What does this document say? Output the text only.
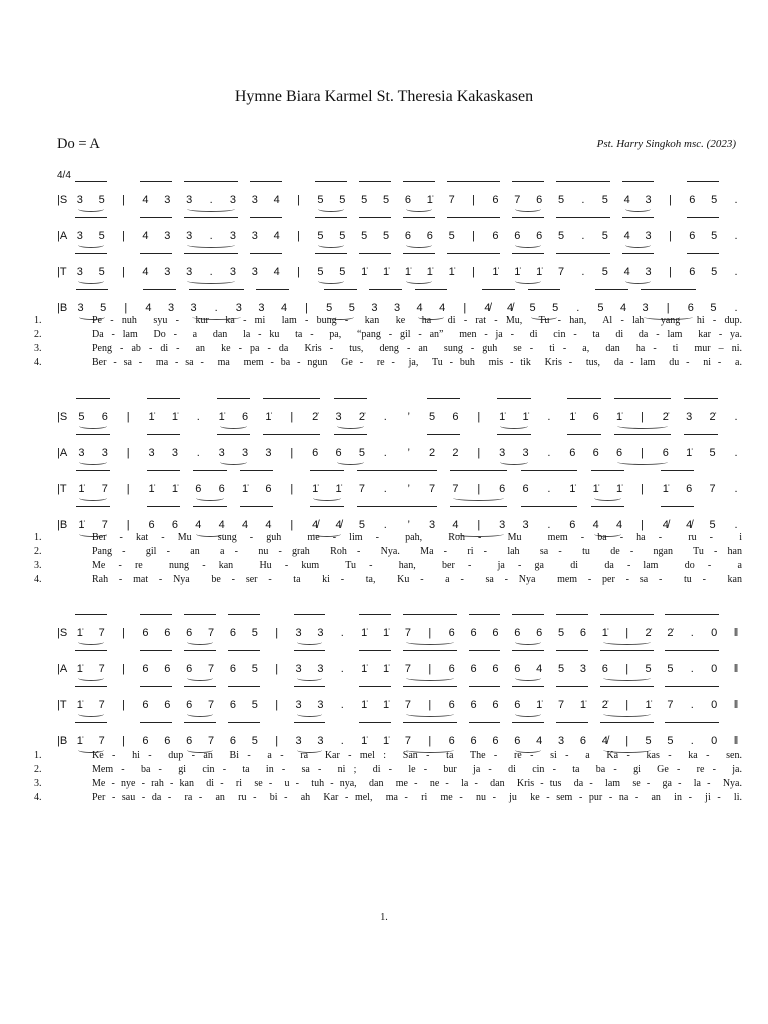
Hymne Biara Karmel St. Theresia Kakaskasen
Do = A	Pst. Harry Singkoh msc. (2023)
4/4
|S 3 5	|	4 3 3	.	3 3 4	|	5 5 5 5 6 1̇ 7	|	6 7 6 5	.	5 4 3	|	6 5	.
|A 3 5	|	4 3 3	.	3 3 4	|	5 5 5 5 6 6 5	|	6 6 6 5	.	5 4 3	|	6 5	.
|T 3 5	|	4 3 3	.	3 3 4	|	5 5 1̇ 1̇ 1̇ 1̇ 1̇	|	1̇ 1̇ 1̇ 7	.	5 4 3	|	6 5	.
|B 3 5	|	4 3 3	.	3 3 4	|	5 5 3 3 4 4	|	4̸ 4̸ 5 5	.	5 4 3	|	6 5	.
1.	Pe - nuh  syu -  kur  ka - mi  lam - bung -  kan  ke  ha  di - rat - Mu,  Tu - han,  Al - lah  yang  hi - dup.
2.	Da - lam  Do -  a  dan  la - ku  ta -  pa,  “pang - gil - an”  men - ja -  di  cin -  ta  di  da - lam  kar - ya.
3.	Peng - ab - di -  an  ke - pa - da  Kris -  tus,  deng - an  sung - guh  se -  ti -  a,  dan  ha -  ti  mur – ni.
4.	Ber - sa -  ma - sa -  ma  mem - ba - ngun  Ge -  re -  ja,  Tu - buh  mis - tik  Kris -  tus,  da - lam  du -  ni -  a.
|S	5 6	|	1̇ 1̇	.	1̇ 6 1̇	|	2̇ 3 2̇	.	’	5 6	|	1̇ 1̇	.	1̇ 6 1̇	|	2̇ 3 2̇	.
|A	3 3	|	3 3	.	3 3 3	|	6 6 5	.	’	2 2	|	3 3	.	6 6 6	|	6 1̇ 5	.
|T	1̇ 7	|	1̇ 1̇ 6 6 1̇ 6	|	1̇ 1̇ 7	.	’	7 7	|	6 6	.	1̇ 1̇ 1̇	|	1̇ 6 7	.
|B	1̇ 7	|	6 6 4 4 4 4	|	4̸ 4̸ 5	.	’	3 4	|	3 3	.	6 4 4	|	4̸ 4̸ 5	.
1.	Ber - kat - Mu  sung - guh  me - lim -  pah,  Roh -  Mu  mem - ba - ha -  ru -  i
2.	Pang -  gil -  an  a -  nu - grah  Roh -  Nya.  Ma -  ri -  lah  sa -  tu  de -  ngan  Tu - han
3.	Me - re  nung - kan  Hu - kum  Tu -  han,  ber -  ja - ga  di  da - lam  do -  a
4.	Rah - mat - Nya  be - ser -  ta  ki -  ta,  Ku -  a -  sa - Nya  mem - per - sa -  tu -  kan
|S 1̇ 7	|	6 6 6 7 6 5	|	3 3	.	1̇ 1̇ 7	|	6 6 6 6 6 5 6 1̇	|	2̇ 2̇	.	0 ‖
|A 1̇ 7	|	6 6 6 7 6 5	|	3 3	.	1̇ 1̇ 7	|	6 6 6 6 4 5 3 6	|	5 5	.	0 ‖
|T 1̇ 7	|	6 6 6 7 6 5	|	3 3	.	1̇ 1̇ 7	|	6 6 6 6 1̇ 7 1̇ 2̇	|	1̇ 7	.	0 ‖
|B 1̇ 7	|	6 6 6 7 6 5	|	3 3	.	1̇ 1̇ 7	|	6 6 6 6 4 3 6 4̸	|	5 5	.	0 ‖
1.	Ke -  hi -  dup - an  Bi -  a -  ra  Kar - mel :  San -  ta  The -  re -  si -  a  Ka -  kas -  ka -  sen.
2.	Mem -  ba -  gi  cin -  ta  in -  sa -  ni ;  di -  le -  bur  ja -  di  cin -  ta  ba -  gi  Ge -  re -  ja.
3.	Me - nye - rah - kan  di -  ri  se -  u -  tuh - nya,  dan  me -  ne -  la -  dan  Kris - tus  da -  lam  se -  ga -  la -  Nya.
4.	Per - sau - da -  ra -  an  ru -  bi -  ah  Kar - mel,  ma -  ri  me -  nu -  ju  ke - sem - pur - na -  an  in -  ji -  li.
1.
